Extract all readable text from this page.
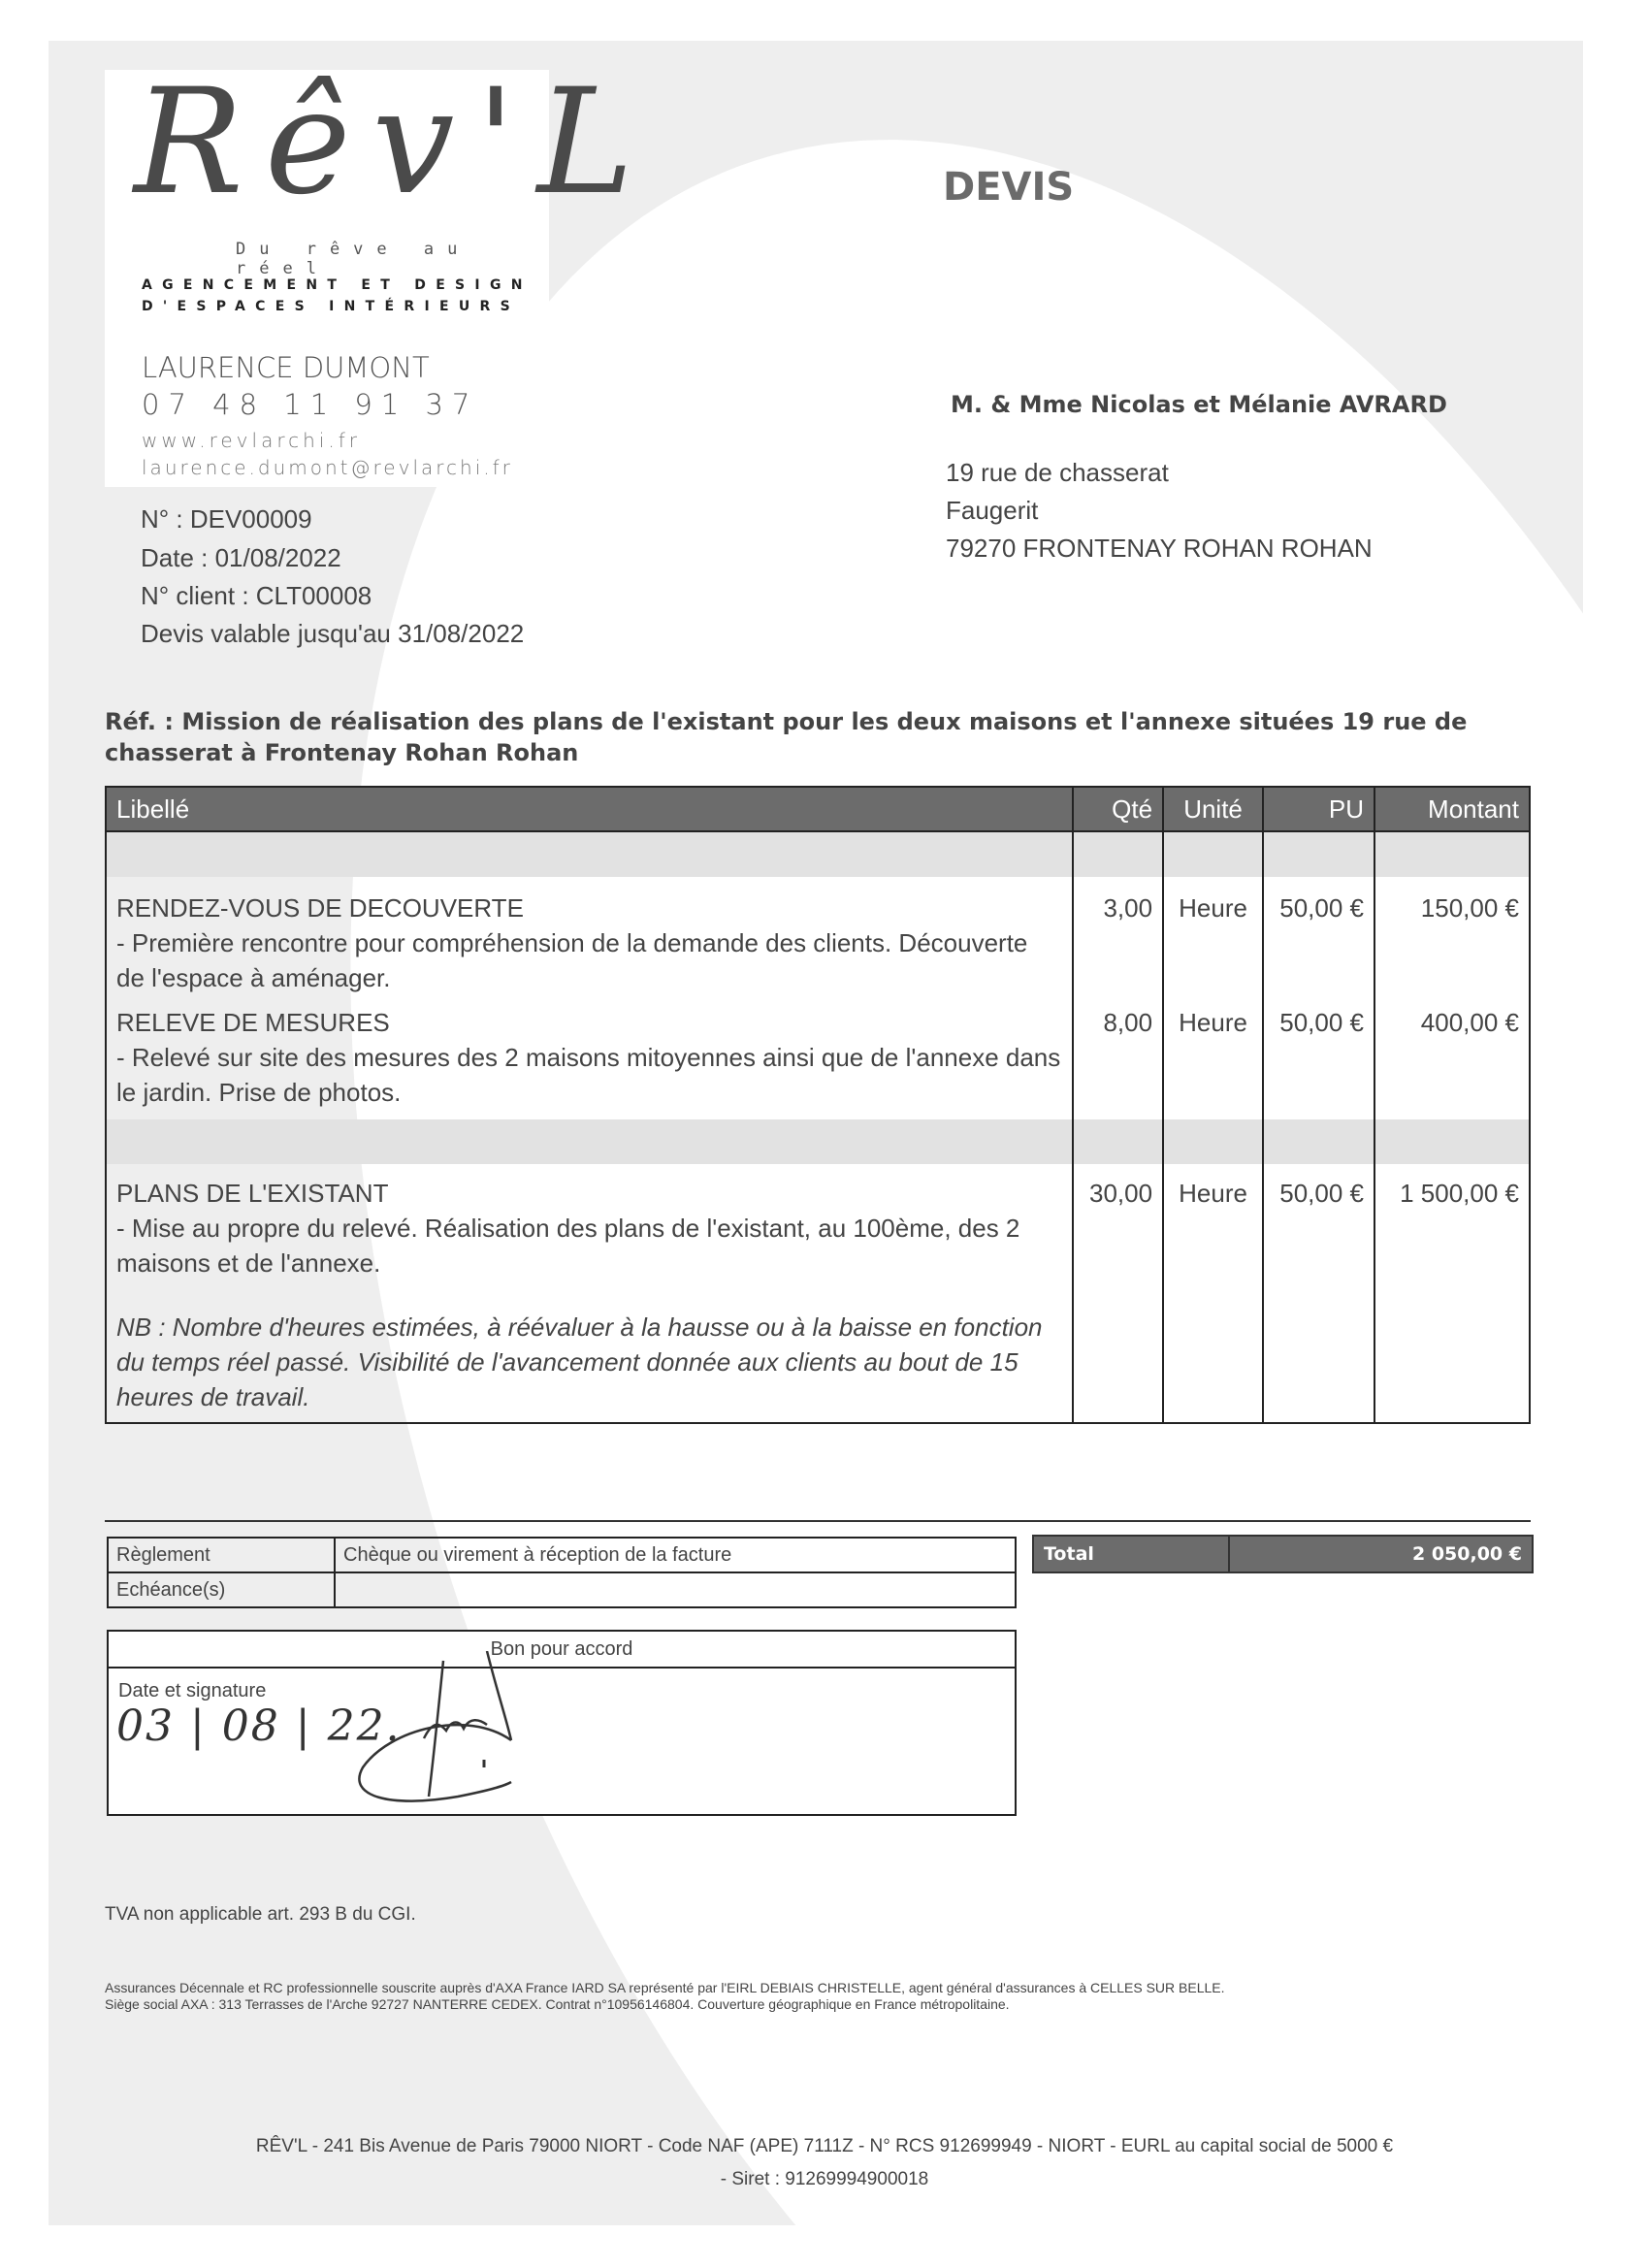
Rêv'L
Du rêve au réel
AGENCEMENT ET DESIGN
D'ESPACES INTÉRIEURS
LAURENCE DUMONT
07 48 11 91 37
www.revlarchi.fr
laurence.dumont@revlarchi.fr
N° : DEV00009
Date : 01/08/2022
N° client : CLT00008
Devis valable jusqu'au 31/08/2022
DEVIS
M. & Mme Nicolas et Mélanie AVRARD
19 rue de chasserat
Faugerit
79270 FRONTENAY ROHAN ROHAN
Réf. : Mission de réalisation des plans de l'existant pour les deux maisons et l'annexe situées 19 rue de chasserat à Frontenay Rohan Rohan
Libellé	Qté	Unité	PU	Montant

RENDEZ-VOUS DE DECOUVERTE
- Première rencontre pour compréhension de la demande des clients. Découverte de l'espace à aménager.	3,00	Heure	50,00 €	150,00 €

RELEVE DE MESURES
- Relevé sur site des mesures des 2 maisons mitoyennes ainsi que de l'annexe dans le jardin. Prise de photos.	8,00	Heure	50,00 €	400,00 €

PLANS DE L'EXISTANT
- Mise au propre du relevé. Réalisation des plans de l'existant, au 100ème, des 2 maisons et de l'annexe.
NB : Nombre d'heures estimées, à réévaluer à la hausse ou à la baisse en fonction du temps réel passé. Visibilité de l'avancement donnée aux clients au bout de 15 heures de travail.	30,00	Heure	50,00 €	1 500,00 €
Règlement	Chèque ou virement à réception de la facture
Echéance(s)	
Total	2 050,00 €
Bon pour accord
Date et signature
03 | 08 | 22.
TVA non applicable art. 293 B du CGI.
Assurances Décennale et RC professionnelle souscrite auprès d'AXA France IARD SA représenté par l'EIRL DEBIAIS CHRISTELLE, agent général d'assurances à CELLES SUR BELLE.
Siège social AXA : 313 Terrasses de l'Arche 92727 NANTERRE CEDEX. Contrat n°10956146804. Couverture géographique en France métropolitaine.
RÊV'L - 241 Bis Avenue de Paris 79000 NIORT - Code NAF (APE) 7111Z - N° RCS 912699949 - NIORT - EURL au capital social de 5000 €
- Siret : 91269994900018
